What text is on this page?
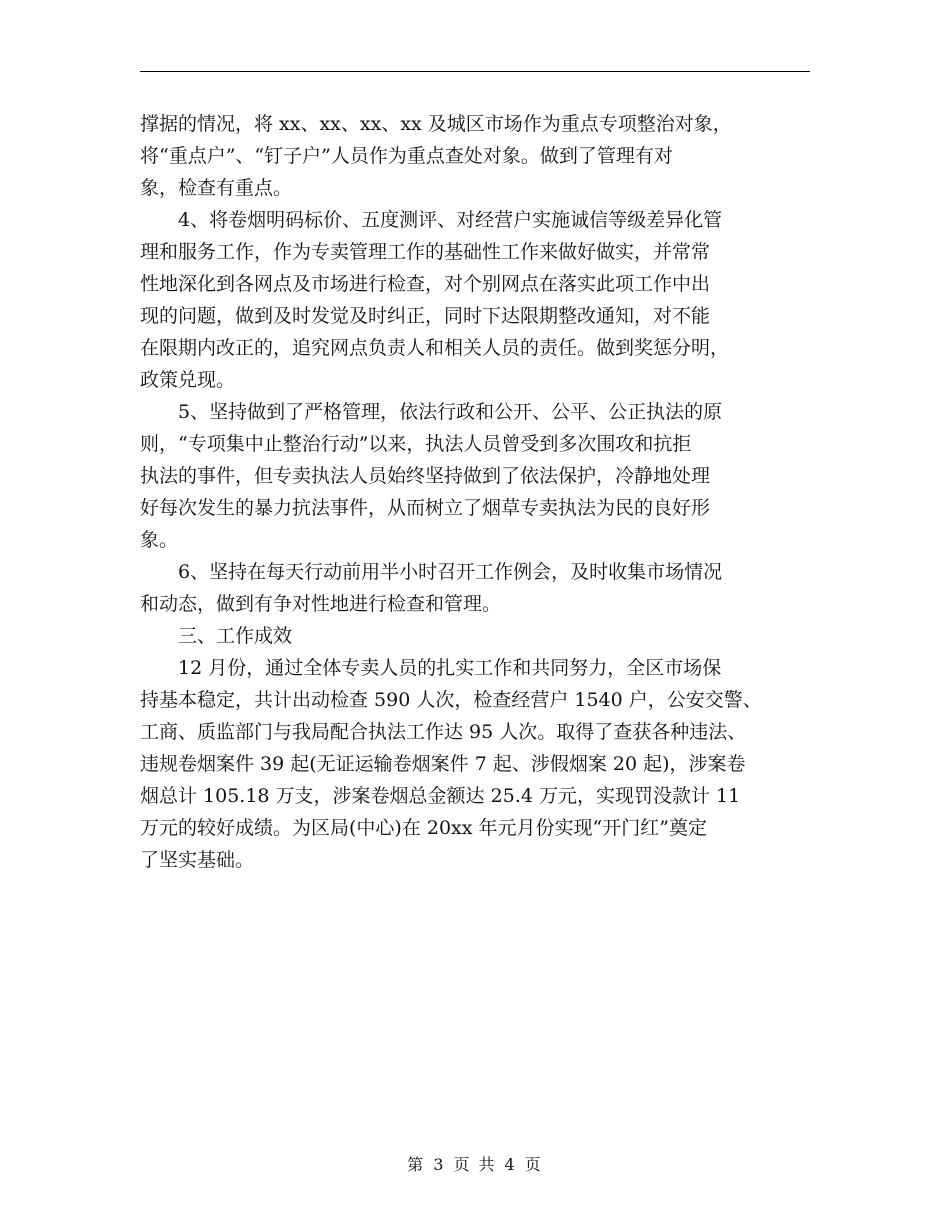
撑据的情况，将 xx、xx、xx、xx 及城区市场作为重点专项整治对象，
将“重点户”、“钉子户”人员作为重点查处对象。做到了管理有对
象，检查有重点。

4、将卷烟明码标价、五度测评、对经营户实施诚信等级差异化管
理和服务工作，作为专卖管理工作的基础性工作来做好做实，并常常
性地深化到各网点及市场进行检查，对个别网点在落实此项工作中出
现的问题，做到及时发觉及时纠正，同时下达限期整改通知，对不能
在限期内改正的，追究网点负责人和相关人员的责任。做到奖惩分明，
政策兑现。

5、坚持做到了严格管理，依法行政和公开、公平、公正执法的原
则，“专项集中止整治行动”以来，执法人员曾受到多次围攻和抗拒
执法的事件，但专卖执法人员始终坚持做到了依法保护，冷静地处理
好每次发生的暴力抗法事件，从而树立了烟草专卖执法为民的良好形
象。

6、坚持在每天行动前用半小时召开工作例会，及时收集市场情况
和动态，做到有争对性地进行检查和管理。

三、工作成效

12 月份，通过全体专卖人员的扎实工作和共同努力，全区市场保
持基本稳定，共计出动检查 590 人次，检查经营户 1540 户，公安交警、
工商、质监部门与我局配合执法工作达 95 人次。取得了查获各种违法、
违规卷烟案件 39 起(无证运输卷烟案件 7 起、涉假烟案 20 起)，涉案卷
烟总计 105.18 万支，涉案卷烟总金额达 25.4 万元，实现罚没款计 11
万元的较好成绩。为区局(中心)在 20xx 年元月份实现“开门红”奠定
了坚实基础。

第 3 页 共 4 页
